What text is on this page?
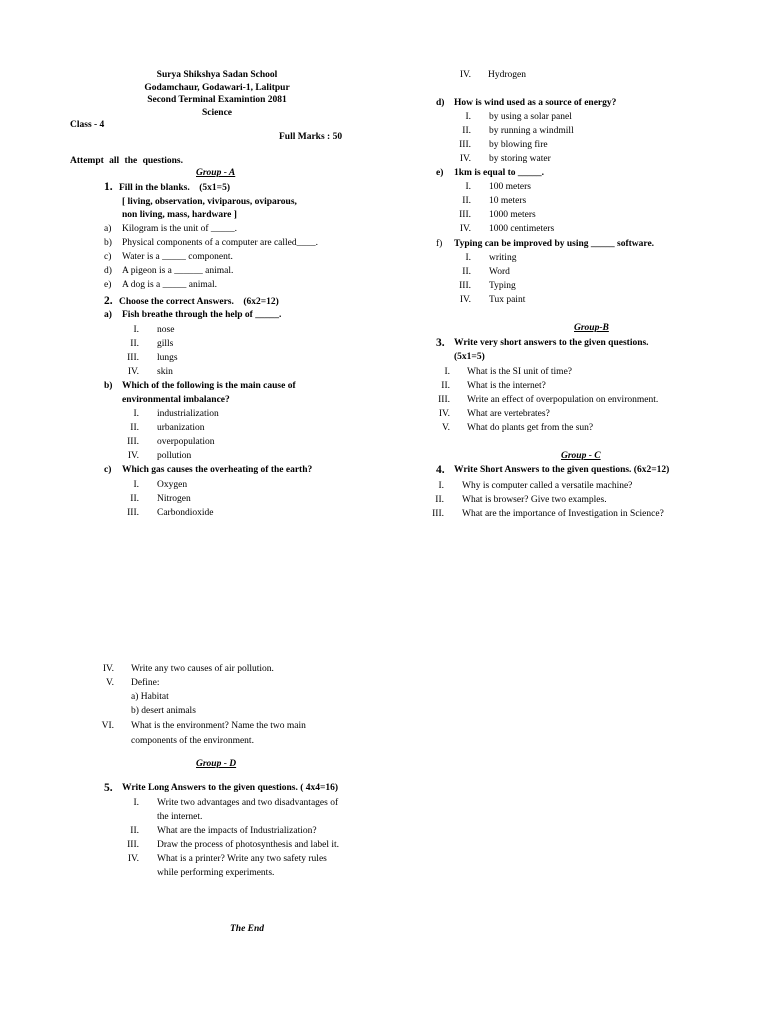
Surya Shikshya Sadan School
Godamchaur, Godawari-1, Lalitpur
Second Terminal Examintion 2081
Science
Class - 4
Full Marks : 50
Attempt all the questions.
Group - A
1. Fill in the blanks.    (5x1=5)
[ living, observation, viviparous, oviparous,
non living, mass, hardware ]
a) Kilogram is the unit of _____.
b) Physical components of a computer are called____.
c) Water is a _____ component.
d) A pigeon is a ______ animal.
e) A dog is a _____ animal.
2. Choose the correct Answers.    (6x2=12)
a) Fish breathe through the help of _____.
I. nose
II. gills
III. lungs
IV. skin
b) Which of the following is the main cause of
environmental imbalance?
I. industrialization
II. urbanization
III. overpopulation
IV. pollution
c) Which gas causes the overheating of the earth?
I. Oxygen
II. Nitrogen
III. Carbondioxide
IV. Hydrogen
d) How is wind used as a source of energy?
I. by using a solar panel
II. by running a windmill
III. by blowing fire
IV. by storing water
e) 1km is equal to _____.
I. 100 meters
II. 10 meters
III. 1000 meters
IV. 1000 centimeters
f) Typing can be improved by using _____ software.
I. writing
II. Word
III. Typing
IV. Tux paint
Group-B
3. Write very short answers to the given questions.
(5x1=5)
I. What is the SI unit of time?
II. What is the internet?
III. Write an effect of overpopulation on environment.
IV. What are vertebrates?
V. What do plants get from the sun?
Group - C
4. Write Short Answers to the given questions. (6x2=12)
I. Why is computer called a versatile machine?
II. What is browser? Give two examples.
III. What are the importance of Investigation in Science?
IV. Write any two causes of air pollution.
V. Define:
a) Habitat
b) desert animals
VI. What is the environment? Name the two main
components of the environment.
Group - D
5. Write Long Answers to the given questions. ( 4x4=16)
I. Write two advantages and two disadvantages of
the internet.
II. What are the impacts of Industrialization?
III. Draw the process of photosynthesis and label it.
IV. What is a printer? Write any two safety rules
while performing experiments.
The End
